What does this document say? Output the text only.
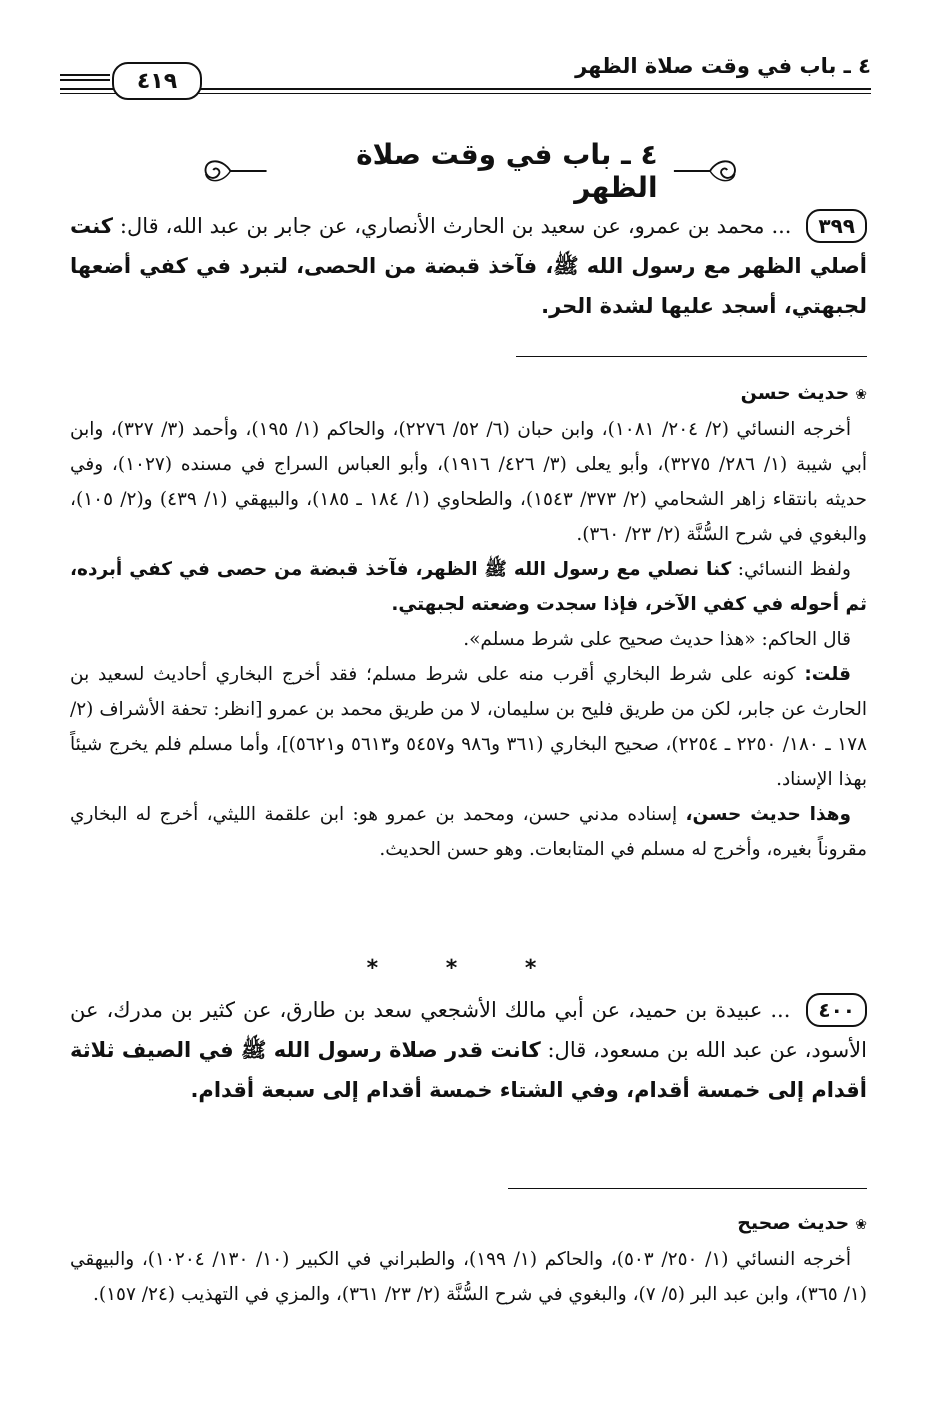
٤ ـ باب في وقت صلاة الظهر
٤١٩
٤ ـ باب في وقت صلاة الظهر
٣٩٩ ... محمد بن عمرو، عن سعيد بن الحارث الأنصاري، عن جابر بن عبد الله، قال: كنت أصلي الظهر مع رسول الله ﷺ، فآخذ قبضة من الحصى، لتبرد في كفي أضعها لجبهتي، أسجد عليها لشدة الحر.
❀حديث حسن

أخرجه النسائي (٢/ ٢٠٤/ ١٠٨١)، وابن حبان (٦/ ٥٢/ ٢٢٧٦)، والحاكم (١/ ١٩٥)، وأحمد (٣/ ٣٢٧)، وابن أبي شيبة (١/ ٢٨٦/ ٣٢٧٥)، وأبو يعلى (٣/ ٤٢٦/ ١٩١٦)، وأبو العباس السراج في مسنده (١٠٢٧)، وفي حديثه بانتقاء زاهر الشحامي (٢/ ٣٧٣/ ١٥٤٣)، والطحاوي (١/ ١٨٤ ـ ١٨٥)، والبيهقي (١/ ٤٣٩) و(٢/ ١٠٥)، والبغوي في شرح السُّنَّة (٢/ ٢٣/ ٣٦٠).

ولفظ النسائي: كنا نصلي مع رسول الله ﷺ الظهر، فآخذ قبضة من حصى في كفي أبرده، ثم أحوله في كفي الآخر، فإذا سجدت وضعته لجبهتي.

قال الحاكم: «هذا حديث صحيح على شرط مسلم».

قلت: كونه على شرط البخاري أقرب منه على شرط مسلم؛ فقد أخرج البخاري أحاديث لسعيد بن الحارث عن جابر، لكن من طريق فليح بن سليمان، لا من طريق محمد بن عمرو [انظر: تحفة الأشراف (٢/ ١٧٨ ـ ١٨٠/ ٢٢٥٠ ـ ٢٢٥٤)، صحيح البخاري (٣٦١ و٩٨٦ و٥٤٥٧ و٥٦١٣ و٥٦٢١)]، وأما مسلم فلم يخرج شيئاً بهذا الإسناد.

وهذا حديث حسن، إسناده مدني حسن، ومحمد بن عمرو هو: ابن علقمة الليثي، أخرج له البخاري مقروناً بغيره، وأخرج له مسلم في المتابعات. وهو حسن الحديث.

* * *
٤٠٠ ... عبيدة بن حميد، عن أبي مالك الأشجعي سعد بن طارق، عن كثير بن مدرك، عن الأسود، عن عبد الله بن مسعود، قال: كانت قدر صلاة رسول الله ﷺ في الصيف ثلاثة أقدام إلى خمسة أقدام، وفي الشتاء خمسة أقدام إلى سبعة أقدام.
❀حديث صحيح

أخرجه النسائي (١/ ٢٥٠/ ٥٠٣)، والحاكم (١/ ١٩٩)، والطبراني في الكبير (١٠/ ١٣٠/ ١٠٢٠٤)، والبيهقي (١/ ٣٦٥)، وابن عبد البر (٥/ ٧)، والبغوي في شرح السُّنَّة (٢/ ٢٣/ ٣٦١)، والمزي في التهذيب (٢٤/ ١٥٧).
